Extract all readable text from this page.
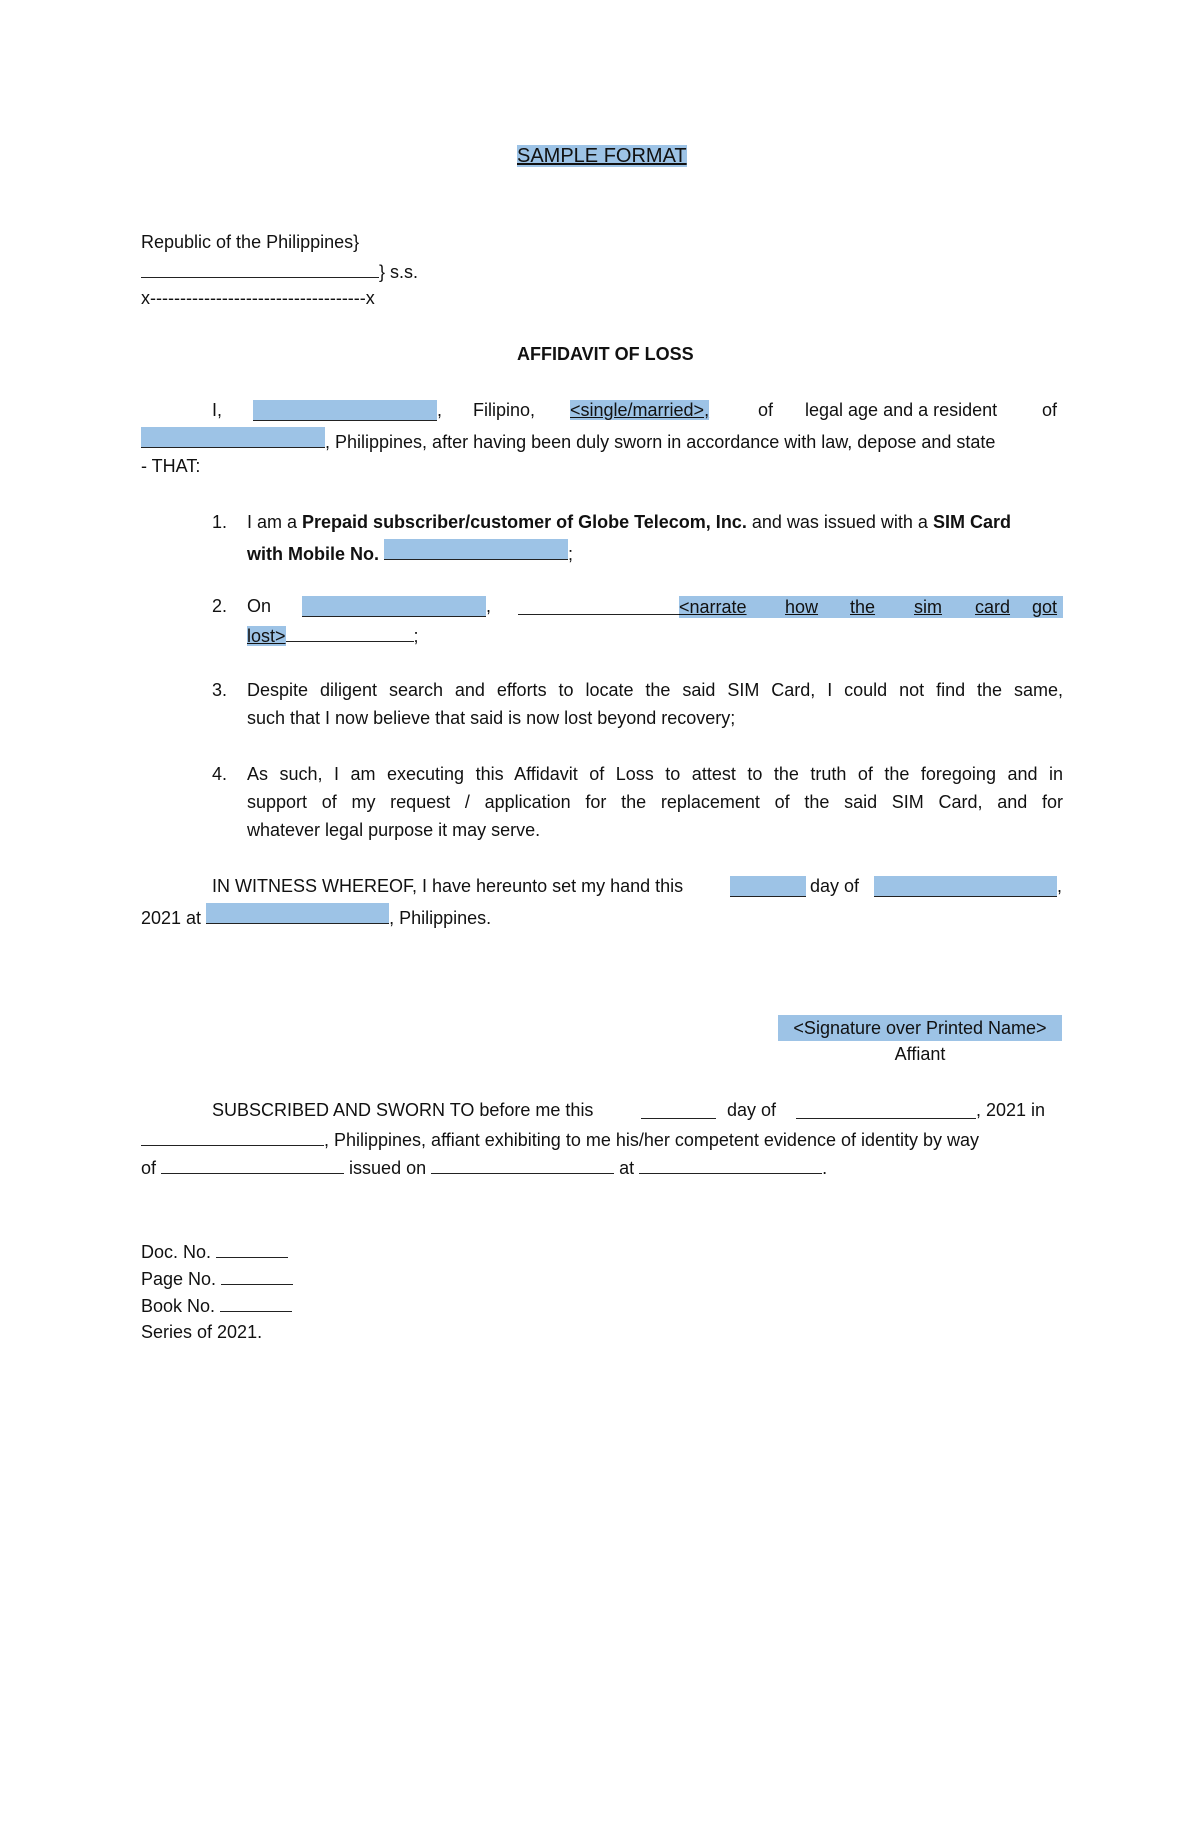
SAMPLE FORMAT
Republic of the Philippines}
} s.s.
x------------------------------------x
AFFIDAVIT OF LOSS
I,	, Filipino, <single/married>,	of legal age and a resident of
, Philippines, after having been duly sworn in accordance with law, depose and state
- THAT:
1. I am a Prepaid subscriber/customer of Globe Telecom, Inc. and was issued with a SIM Card
with Mobile No.	;
2. On	,	<narrate how the sim card got
lost>	;
3. Despite diligent search and efforts to locate the said SIM Card, I could not find the same,
such that I now believe that said is now lost beyond recovery;
4. As such, I am executing this Affidavit of Loss to attest to the truth of the foregoing and in
support of my request / application for the replacement of the said SIM Card, and for
whatever legal purpose it may serve.
IN WITNESS WHEREOF, I have hereunto set my hand this	day of	,
2021 at	, Philippines.
<Signature over Printed Name>
Affiant
SUBSCRIBED AND SWORN TO before me this	day of	, 2021 in
, Philippines, affiant exhibiting to me his/her competent evidence of identity by way
of	issued on	at	.
Doc. No.
Page No.
Book No.
Series of 2021.
